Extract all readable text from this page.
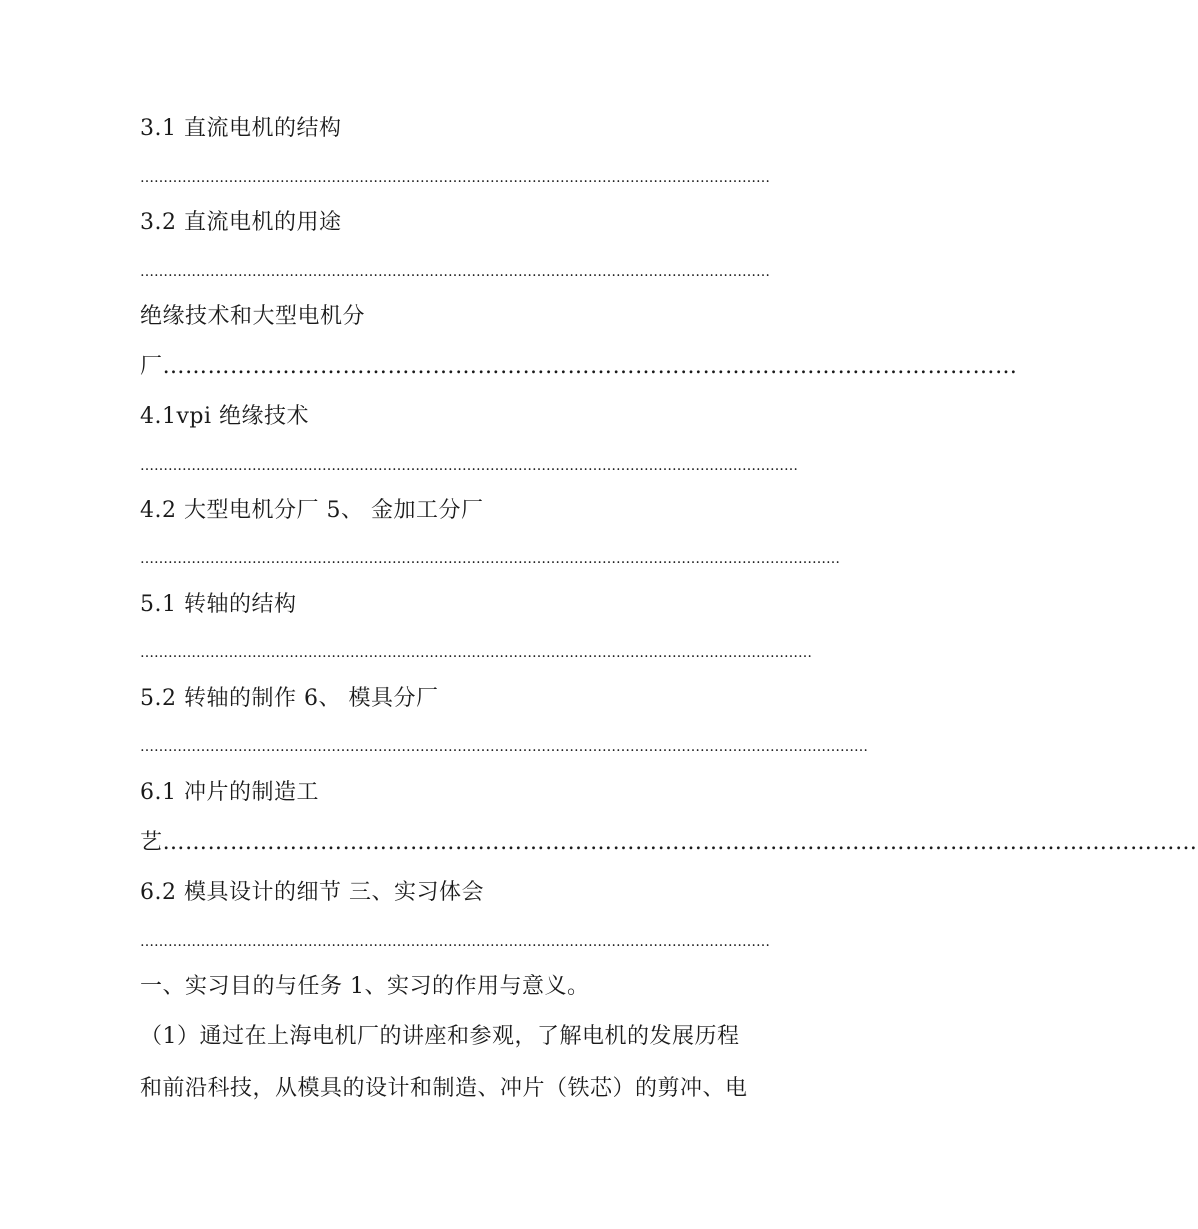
3.1 直流电机的结构
………………………………………………………………………………………………………………………
3.2 直流电机的用途
………………………………………………………………………………………………………………………
绝缘技术和大型电机分
厂……………………………………………………………………………………………………
4.1vpi 绝缘技术
……………………………………………………………………………………………………………………………
4.2 大型电机分厂 5、 金加工分厂
……………………………………………………………………………………………………………………………………
5.1 转轴的结构
………………………………………………………………………………………………………………………………
5.2 转轴的制作 6、 模具分厂
…………………………………………………………………………………………………………………………………………
6.1 冲片的制造工
艺…………………………………………………………………………………………………………………………
6.2 模具设计的细节 三、实习体会
………………………………………………………………………………………………………………………
一、实习目的与任务 1、实习的作用与意义。
（1）通过在上海电机厂的讲座和参观，了解电机的发展历程
和前沿科技，从模具的设计和制造、冲片（铁芯）的剪冲、电
